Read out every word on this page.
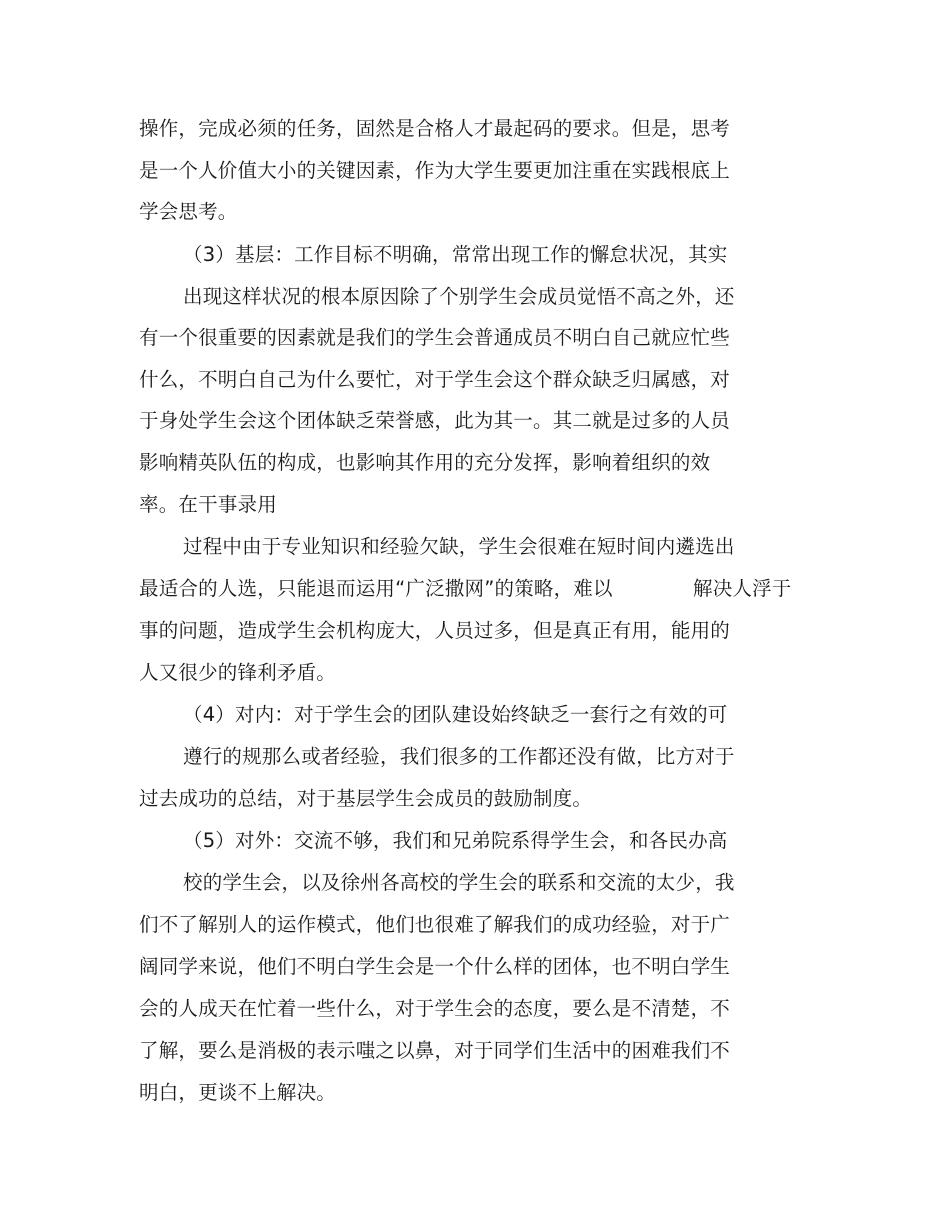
操作，完成必须的任务，固然是合格人才最起码的要求。但是，思考
是一个人价值大小的关键因素，作为大学生要更加注重在实践根底上
学会思考。
（3）基层：工作目标不明确，常常出现工作的懈怠状况，其实
出现这样状况的根本原因除了个别学生会成员觉悟不高之外，还
有一个很重要的因素就是我们的学生会普通成员不明白自己就应忙些
什么，不明白自己为什么要忙，对于学生会这个群众缺乏归属感，对
于身处学生会这个团体缺乏荣誉感，此为其一。其二就是过多的人员
影响精英队伍的构成，也影响其作用的充分发挥，影响着组织的效
率。在干事录用
过程中由于专业知识和经验欠缺，学生会很难在短时间内遴选出
最适合的人选，只能退而运用“广泛撒网”的策略，难以	解决人浮于
事的问题，造成学生会机构庞大，人员过多，但是真正有用，能用的
人又很少的锋利矛盾。
（4）对内：对于学生会的团队建设始终缺乏一套行之有效的可
遵行的规那么或者经验，我们很多的工作都还没有做，比方对于
过去成功的总结，对于基层学生会成员的鼓励制度。
（5）对外：交流不够，我们和兄弟院系得学生会，和各民办高
校的学生会，以及徐州各高校的学生会的联系和交流的太少，我
们不了解别人的运作模式，他们也很难了解我们的成功经验，对于广
阔同学来说，他们不明白学生会是一个什么样的团体，也不明白学生
会的人成天在忙着一些什么，对于学生会的态度，要么是不清楚，不
了解，要么是消极的表示嗤之以鼻，对于同学们生活中的困难我们不
明白，更谈不上解决。
